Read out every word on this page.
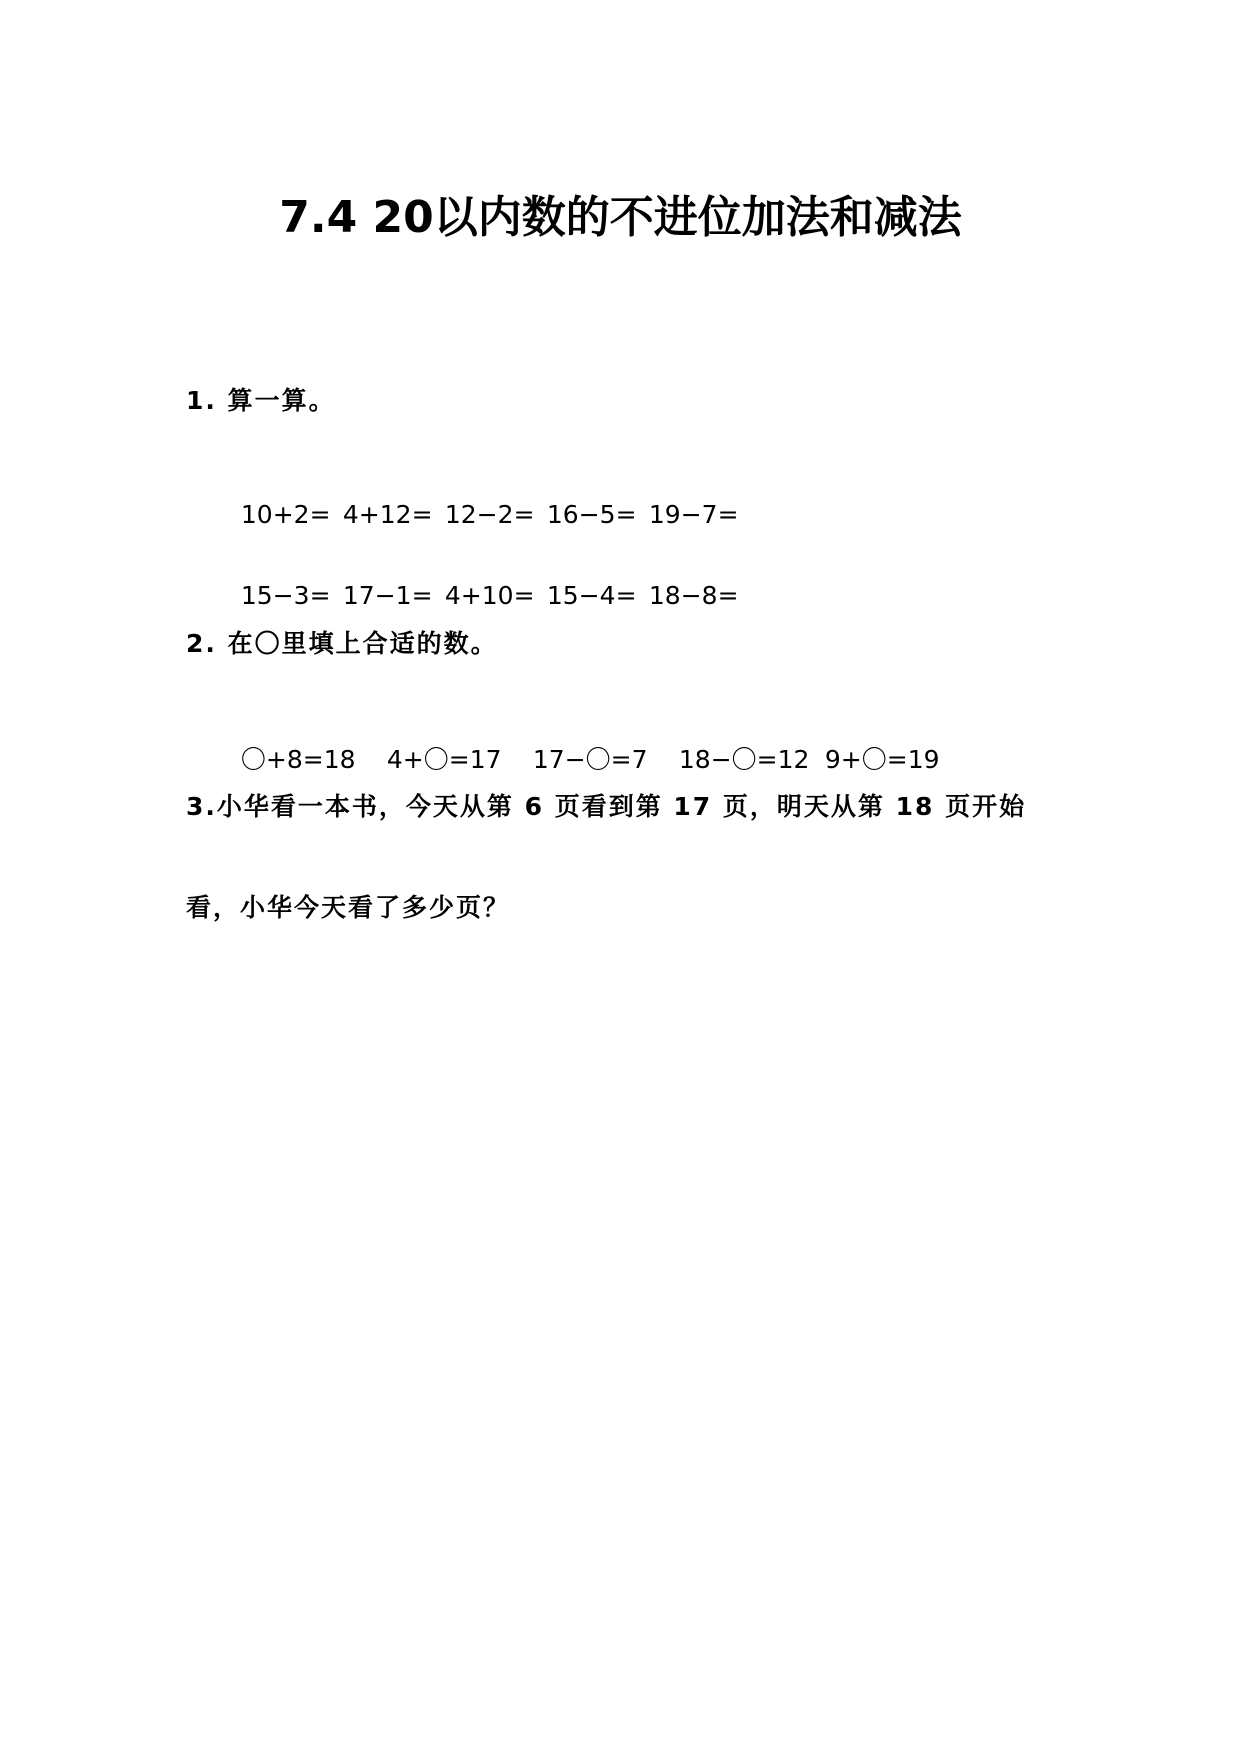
7.4 20以内数的不进位加法和减法
1. 算一算。

10+2= 4+12= 12−2= 16−5= 19−7=

15−3= 17−1= 4+10= 15−4= 18−8=

2. 在〇里填上合适的数。

〇+8=18 4+〇=17 17−〇=7 18−〇=12 9+〇=19

3.小华看一本书，今天从第 6 页看到第 17 页，明天从第 18 页开始
看，小华今天看了多少页？
